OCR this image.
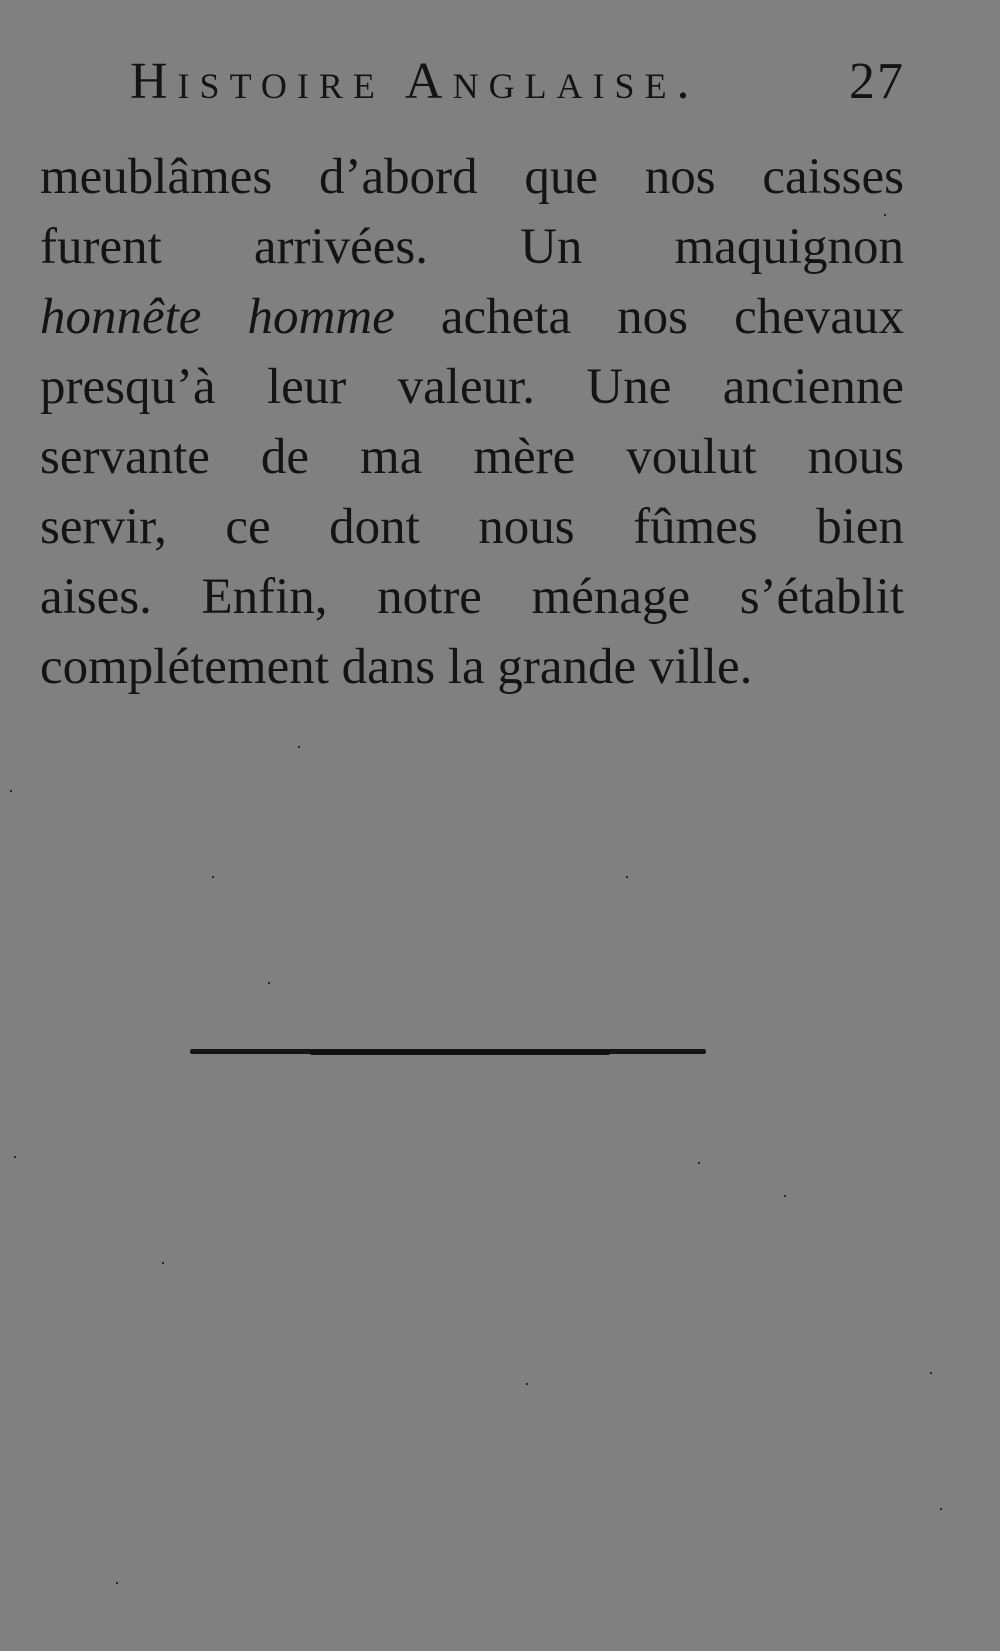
Histoire Anglaise.	27
meublâmes d’abord que nos caisses
furent arrivées. Un maquignon
honnête homme acheta nos chevaux
presqu’à leur valeur. Une ancienne
servante de ma mère voulut nous
servir, ce dont nous fûmes bien
aises. Enfin, notre ménage s’établit
complétement dans la grande ville.
